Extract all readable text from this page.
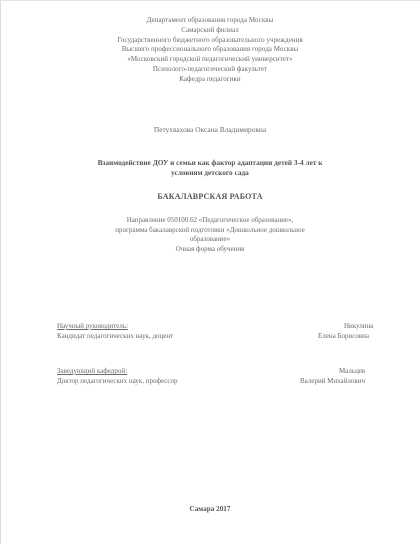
Департамент образования города Москвы
Самарский филиал
Государственного бюджетного образовательного учреждения
Высшего профессионального образования города Москвы
«Московский городской педагогический университет»
Психолого-педагогический факультет
Кафедра педагогики
Петухвахова Оксана Владимировна
Взаимодействие ДОУ и семьи как фактор адаптации детей 3-4 лет к
условиям детского сада
БАКАЛАВРСКАЯ РАБОТА
Направление 050100.62 «Педагогическое образование»,
программа бакалаврской подготовки «Дошкольное дошкольное
образование»
Очная форма обучения
Научный руководитель:
Кандидат педагогических наук, доцент
Никулина
Елена Борисовна
Заведующий кафедрой:
Доктор педагогических наук, профессор
Мальцев
Валерий Михайлович
Самара 2017
